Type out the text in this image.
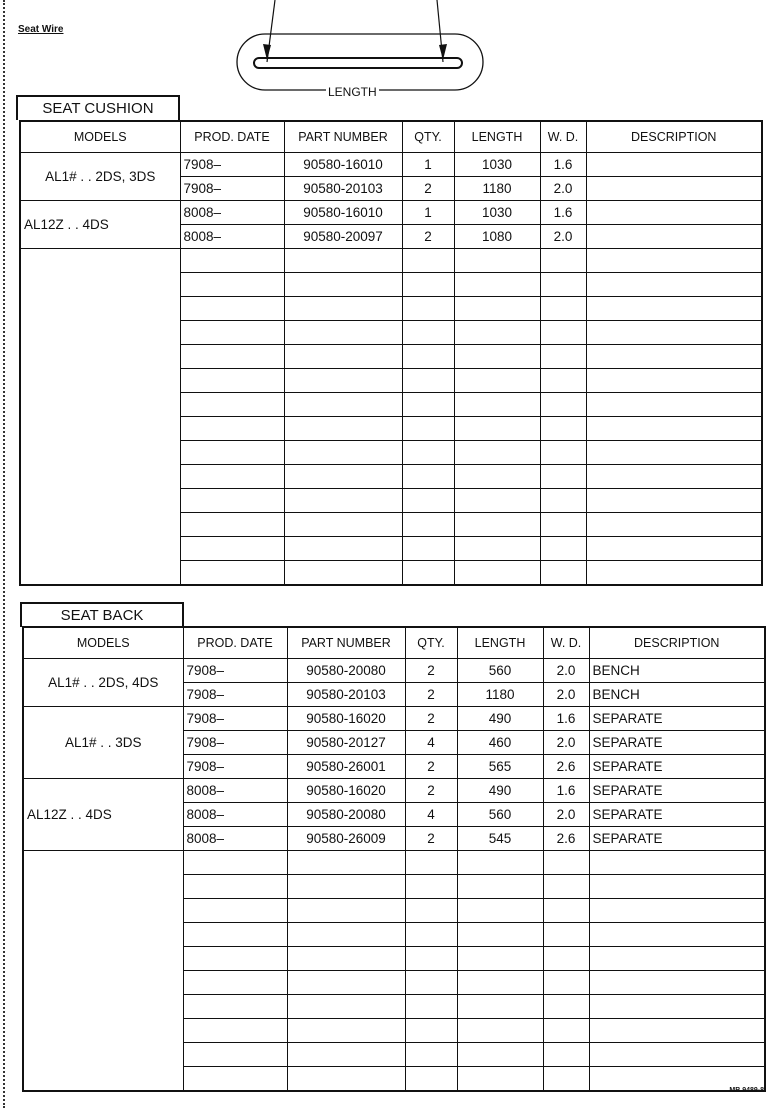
Seat Wire
LENGTH
SEAT CUSHION
MODELS	PROD. DATE	PART NUMBER	QTY.	LENGTH	W. D.	DESCRIPTION
AL1# . . 2DS, 3DS	7908–	90580-16010	1	1030	1.6	
	7908–	90580-20103	2	1180	2.0	
AL12Z . . 4DS	8008–	90580-16010	1	1030	1.6	
	8008–	90580-20097	2	1080	2.0	

SEAT BACK
MODELS	PROD. DATE	PART NUMBER	QTY.	LENGTH	W. D.	DESCRIPTION
AL1# . . 2DS, 4DS	7908–	90580-20080	2	560	2.0	BENCH
	7908–	90580-20103	2	1180	2.0	BENCH
AL1# . . 3DS	7908–	90580-16020	2	490	1.6	SEPARATE
	7908–	90580-20127	4	460	2.0	SEPARATE
	7908–	90580-26001	2	565	2.6	SEPARATE
AL12Z . . 4DS	8008–	90580-16020	2	490	1.6	SEPARATE
	8008–	90580-20080	4	560	2.0	SEPARATE
	8008–	90580-26009	2	545	2.6	SEPARATE

MB 9489-8
